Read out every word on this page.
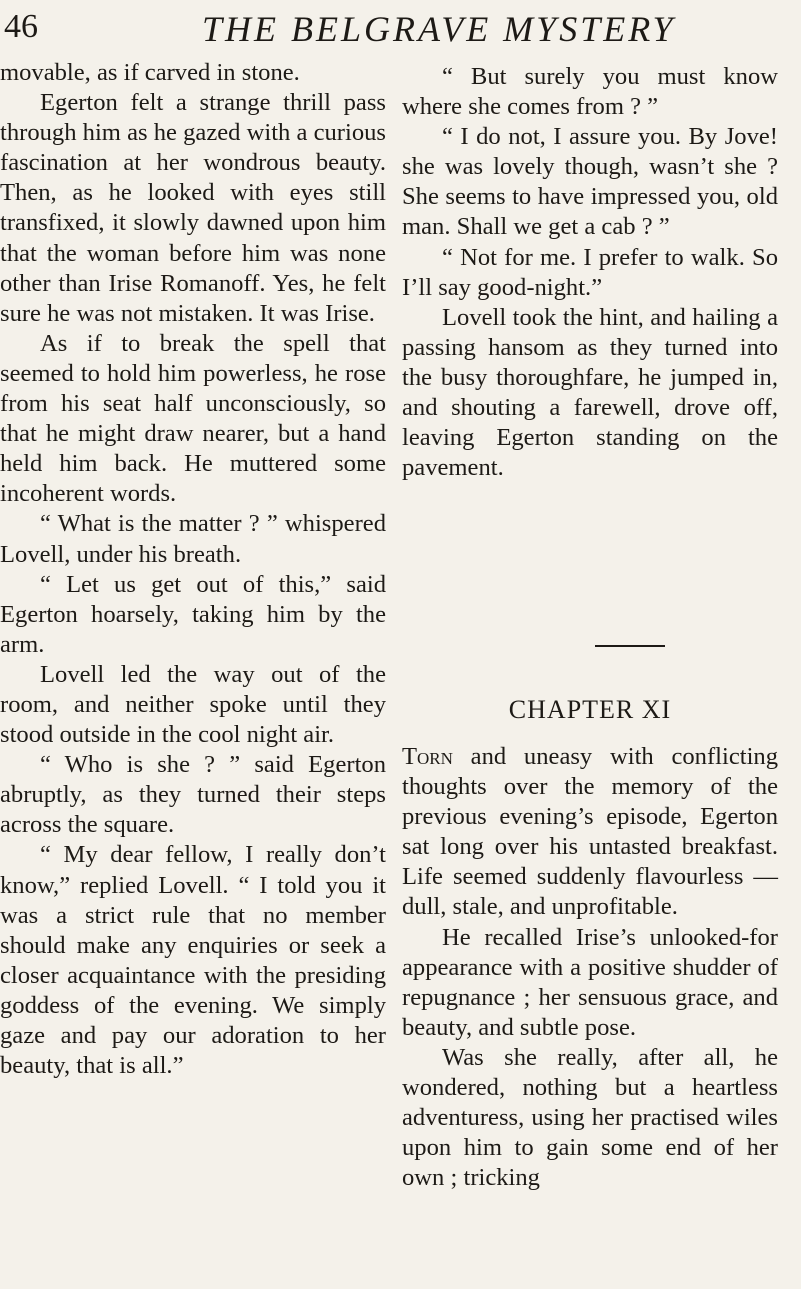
46	THE BELGRAVE MYSTERY

movable, as if carved in stone.

Egerton felt a strange thrill pass through him as he gazed with a curious fascination at her wondrous beauty. Then, as he looked with eyes still transfixed, it slowly dawned upon him that the woman before him was none other than Irise Romanoff. Yes, he felt sure he was not mistaken. It was Irise.

As if to break the spell that seemed to hold him powerless, he rose from his seat half unconsciously, so that he might draw nearer, but a hand held him back. He muttered some incoherent words.

“ What is the matter ? ” whispered Lovell, under his breath.

“ Let us get out of this,” said Egerton hoarsely, taking him by the arm.

Lovell led the way out of the room, and neither spoke until they stood outside in the cool night air.

“ Who is she ? ” said Egerton abruptly, as they turned their steps across the square.

“ My dear fellow, I really don’t know,” replied Lovell. “ I told you it was a strict rule that no member should make any enquiries or seek a closer acquaintance with the presiding goddess of the evening. We simply gaze and pay our adoration to her beauty, that is all.”

“ But surely you must know where she comes from ? ”

“ I do not, I assure you. By Jove! she was lovely though, wasn’t she ? She seems to have impressed you, old man. Shall we get a cab ? ”

“ Not for me. I prefer to walk. So I’ll say good-night.”

Lovell took the hint, and hailing a passing hansom as they turned into the busy thoroughfare, he jumped in, and shouting a farewell, drove off, leaving Egerton standing on the pavement.

CHAPTER XI

Torn and uneasy with conflicting thoughts over the memory of the previous evening’s episode, Egerton sat long over his untasted breakfast. Life seemed suddenly flavourless —dull, stale, and unprofitable.

He recalled Irise’s unlooked-for appearance with a positive shudder of repugnance ; her sensuous grace, and beauty, and subtle pose.

Was she really, after all, he wondered, nothing but a heartless adventuress, using her practised wiles upon him to gain some end of her own ; tricking
